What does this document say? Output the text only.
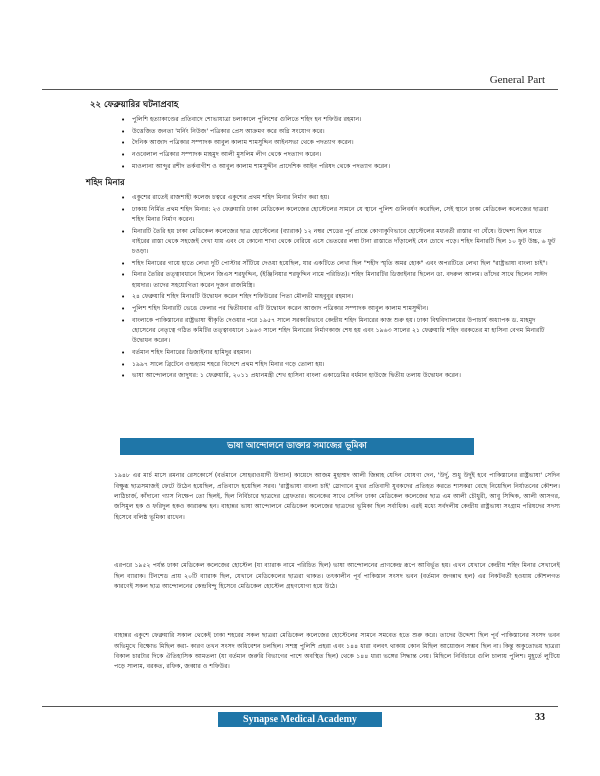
General Part
২২ ফেব্রুয়ারির ঘটনাপ্রবাহ
• পুলিশি হত্যাকাণ্ডের প্রতিবাদে শোভাযাত্রা চলাকালে পুলিশের গুলিতে শহিদ হন শফিউর রহমান।
• উত্তেজিত জনতা 'মর্নিং নিউজ' পত্রিকার প্রেস আক্রমণ করে অগ্নি সংযোগ করে।
• দৈনিক আজাদ পত্রিকার সম্পাদক আবুল কালাম শামসুদ্দিন আইনসভা থেকে পদত্যাগ করেন।
• নওবেলাল পত্রিকার সম্পাদক মাহমুদ আলী মুসলিম লীগ থেকে পদত্যাগ করেন।
• মাওলানা আব্দুর রশীদ তর্কবাগীশ ও আবুল কালাম শামসুদ্দীন প্রাদেশিক আইন পরিষদ থেকে পদত্যাগ করেন।
শহিদ মিনার
• একুশের রাতেই রাজশাহী কলেজ চত্বরে একুশের প্রথম শহিদ মিনার নির্মাণ করা হয়।
• ঢাকায় নির্মিত প্রথম শহিদ মিনার: ২৩ ফেব্রুয়ারি ঢাকা মেডিকেল কলেজের হোস্টেলের সামনে যে স্থানে পুলিশ গুলিবর্ষণ করেছিল, সেই স্থানে ঢাকা মেডিকেল কলেজের ছাত্ররা শহিদ মিনার নির্মাণ করেন।
• মিনারটি তৈরি হয় ঢাকা মেডিকেল কলেজের ছাত্র হোস্টেলের (ব্যারাক) ১২ নম্বর শেডের পূর্ব প্রান্তে কোণাকুণিভাবে হোস্টেলের মধ্যবর্তী রাস্তার গা ঘেঁষে। উদ্দেশ্য ছিল যাতে বাইরের রাস্তা থেকে সহজেই দেখা যায় এবং যে কোনো শাখা থেকে বেরিয়ে এসে ভেতরের লম্বা টানা রাস্তাতে দাঁড়ালেই যেন চোখে পড়ে। শহিদ মিনারটি ছিল ১০ ফুট উচ্চ, ৬ ফুট চওড়া।
• শহিদ মিনারের গায়ে হাতে লেখা দুটি পোস্টার সাঁটিয়ে দেওয়া হয়েছিল, যার একটিতে লেখা ছিল "শহীদ স্মৃতি অমর হোক" এবং অপরটিতে লেখা ছিল "রাষ্ট্রভাষা বাংলা চাই"।
• মিনার তৈরির তত্ত্বাবধানে ছিলেন জিএস শরফুদ্দিন, (ইঞ্জিনিয়ার শরফুদ্দিন নামে পরিচিত)। শহিদ মিনারটির ডিজাইনার ছিলেন ডা. বদরুল আলম। তাঁদের সাথে ছিলেন সাঈদ হায়দার। তাদের সহযোগিতা করেন দুজন রাজমিস্ত্রি।
• ২৪ ফেব্রুয়ারি শহিদ মিনারটি উদ্বোধন করেন শহিদ শফিউরের পিতা মৌলভী মাহবুবুর রহমান।
• পুলিশ শহিদ মিনারটি ভেঙে ফেলার পর দ্বিতীয়বার এটি উদ্বোধন করেন আজাদ পত্রিকার সম্পাদক আবুল কালাম শামসুদ্দীন।
• বাংলাকে পাকিস্তানের রাষ্ট্রভাষা স্বীকৃতি দেওয়ার পরে ১৯৫৭ সালে সরকারিভাবে কেন্দ্রীয় শহিদ মিনারের কাজ শুরু হয়। ঢাকা বিশ্ববিদ্যালয়ের উপাচার্য অধ্যাপক ড. মাহমুদ হোসেনের নেতৃত্বে গঠিত কমিটির তত্ত্বাবধানে ১৯৬৩ সালে শহিদ মিনারের নির্মাণকাজ শেষ হয় এবং ১৯৬৩ সালের ২১ ফেব্রুয়ারি শহিদ বরকতের মা হাসিনা বেগম মিনারটি উদ্বোধন করেন।
• বর্তমান শহিদ মিনারের ডিজাইনার হামিদুর রহমান।
• ১৯৯৭ সালে ব্রিটেনে ওল্ডহ্যাম শহরে বিদেশে প্রথম শহিদ মিনার গড়ে তোলা হয়।
• ভাষা আন্দোলনের জাদুঘর: ১ ফেব্রুয়ারি, ২০১১ প্রধানমন্ত্রী শেখ হাসিনা বাংলা একাডেমির বর্ধমান হাউজে দ্বিতীয় তলায় উদ্বোধন করেন।
ভাষা আন্দোলনে ডাক্তার সমাজের ভূমিকা

১৯৪৮ এর মার্চ মাসে রমনার রেসকোর্সে (বর্তমানে সোহরাওয়ার্দী উদ্যান) কায়েদে আজম মুহাম্মদ আলী জিন্নাহ যেদিন ঘোষণা দেন, 'উর্দু, শুধু উর্দুই হবে পাকিস্তানের রাষ্ট্রভাষা' সেদিন বিক্ষুব্ধ ছাত্রসমাজই ফেটে উঠেন হয়েছিল, প্রতিবাদে হয়েছিল সরব। 'রাষ্ট্রভাষা বাংলা চাই' স্লোগানে মুখর প্রতিবাদী যুবকদের প্রতিহত করতে শাসকরা বেছে নিয়েছিল নির্যাতনের কৌশল। লাঠিচার্জ, কাঁদানো গ্যাস নিক্ষেপ তো ছিলই, ছিল নির্বিচারে ছাত্রদের গ্রেফতার। অনেকের সাথে সেদিন ঢাকা মেডিকেল কলেজের ছাত্র এম আলী চৌধুরী, আবু সিদ্দিক, আলী আসগর, জসিমুল হক ও ফরিদুল হকও কারারুদ্ধ হন। বাহান্নর ভাষা আন্দোলনে মেডিকেল কলেজের ছাত্রদের ভূমিকা ছিল সর্বাধিক। এরই মধ্যে সর্বদলীয় কেন্দ্রীয় রাষ্ট্রভাষা সংগ্রাম পরিষদের সদস্য হিসেবে বলিষ্ঠ ভূমিকা রাখেন।

এরপরে ১৯৫২ পর্যন্ত ঢাকা মেডিকেল কলেজের হোস্টেল (যা ব্যারাক নামে পরিচিত ছিল) ভাষা আন্দোলনের প্রাণকেন্দ্র রূপে আবির্ভূত হয়। এখন যেখানে কেন্দ্রীয় শহিদ মিনার সেখানেই ছিল ব্যারাক। টিনশেড প্রায় ২০টি ব্যারাক ছিল, যেখানে মেডিকেলের ছাত্ররা থাকত। তৎকালীন পূর্ব পাকিস্তান সংসদ ভবন (বর্তমান জগন্নাথ হল) এর নিকটবর্তী হওয়ায় কৌশলগত কারণেই সকল ছাত্র আন্দোলনের কেন্দ্রবিন্দু হিসেবে মেডিকেল হোস্টেল গ্রহণযোগ্য হয়ে উঠে।

বাহান্নর একুশে ফেব্রুয়ারি সকাল থেকেই ঢাকা শহরের সকল ছাত্ররা মেডিকেল কলেজের হোস্টেলের সামনে সমবেত হতে শুরু করে। তাদের উদ্দেশ্য ছিল পূর্ব পাকিস্তানের সংসদ ভবন অভিমুখে বিক্ষোভ মিছিল করা- কারণ তখন সংসদ অধিবেশন চলছিল। সশস্ত্র পুলিশি প্রহরা এবং ১৪৪ ধারা বলবৎ থাকায় কোন মিছিল আয়োজন সম্ভব ছিল না। কিন্তু অকুতোভয় ছাত্ররা বিকাল চারটার দিকে ঐতিহাসিক আমতলা (যা বর্তমান জরুরি বিভাগের পাশে অবস্থিত ছিল) থেকে ১৪৪ ধারা ভঙ্গের সিদ্ধান্ত নেয়। মিছিলে নির্বিচারে গুলি চালায় পুলিশ। মুহূর্তে লুটিয়ে পড়ে সালাম, বরকত, রফিক, জব্বার ও শফিউর।

Synapse Medical Academy	33
